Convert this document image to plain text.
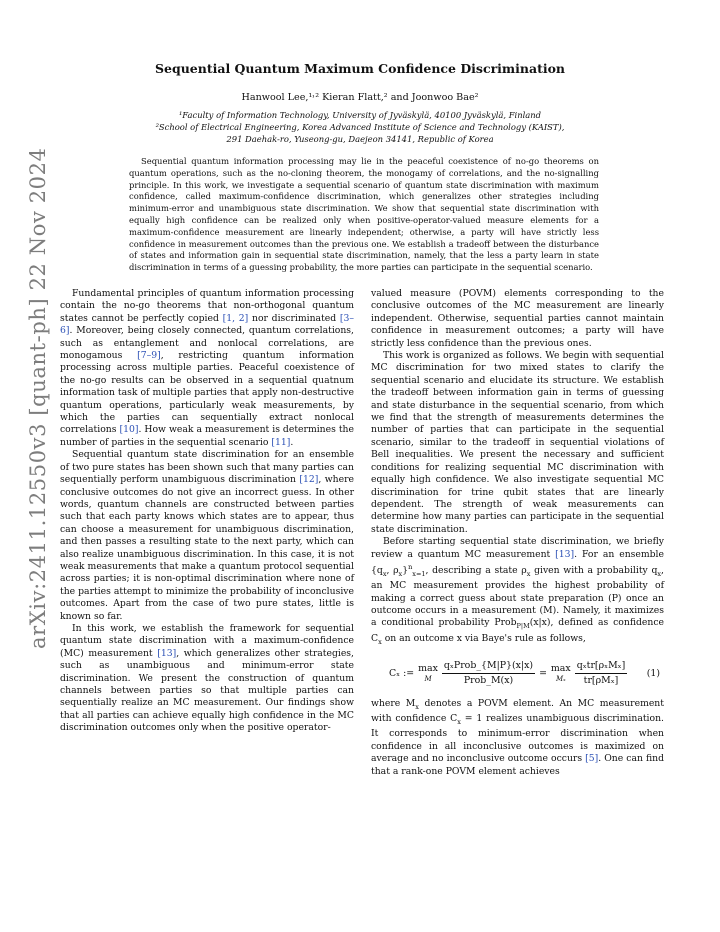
arXiv:2411.12550v3 [quant-ph] 22 Nov 2024
Sequential Quantum Maximum Confidence Discrimination
Hanwool Lee,¹˒² Kieran Flatt,² and Joonwoo Bae²
¹Faculty of Information Technology, University of Jyväskylä, 40100 Jyväskylä, Finland
²School of Electrical Engineering, Korea Advanced Institute of Science and Technology (KAIST),
291 Daehak-ro, Yuseong-gu, Daejeon 34141, Republic of Korea
Sequential quantum information processing may lie in the peaceful coexistence of no-go theorems on quantum operations, such as the no-cloning theorem, the monogamy of correlations, and the no-signalling principle. In this work, we investigate a sequential scenario of quantum state discrimination with maximum confidence, called maximum-confidence discrimination, which generalizes other strategies including minimum-error and unambiguous state discrimination. We show that sequential state discrimination with equally high confidence can be realized only when positive-operator-valued measure elements for a maximum-confidence measurement are linearly independent; otherwise, a party will have strictly less confidence in measurement outcomes than the previous one. We establish a tradeoff between the disturbance of states and information gain in sequential state discrimination, namely, that the less a party learn in state discrimination in terms of a guessing probability, the more parties can participate in the sequential scenario.

Fundamental principles of quantum information processing contain the no-go theorems that non-orthogonal quantum states cannot be perfectly copied [1, 2] nor discriminated [3–6]. Moreover, being closely connected, quantum correlations, such as entanglement and nonlocal correlations, are monogamous [7–9], restricting quantum information processing across multiple parties. Peaceful coexistence of the no-go results can be observed in a sequential quatnum information task of multiple parties that apply non-destructive quantum operations, particularly weak measurements, by which the parties can sequentially extract nonlocal correlations [10]. How weak a measurement is determines the number of parties in the sequential scenario [11].

Sequential quantum state discrimination for an ensemble of two pure states has been shown such that many parties can sequentially perform unambiguous discrimination [12], where conclusive outcomes do not give an incorrect guess. In other words, quantum channels are constructed between parties such that each party knows which states are to appear, thus can choose a measurement for unambiguous discrimination, and then passes a resulting state to the next party, which can also realize unambiguous discrimination. In this case, it is not weak measurements that make a quantum protocol sequential across parties; it is non-optimal discrimination where none of the parties attempt to minimize the probability of inconclusive outcomes. Apart from the case of two pure states, little is known so far.

In this work, we establish the framework for sequential quantum state discrimination with a maximum-confidence (MC) measurement [13], which generalizes other strategies, such as unambiguous and minimum-error state discrimination. We present the construction of quantum channels between parties so that multiple parties can sequentially realize an MC measurement. Our findings show that all parties can achieve equally high confidence in the MC discrimination outcomes only when the positive operator-

valued measure (POVM) elements corresponding to the conclusive outcomes of the MC measurement are linearly independent. Otherwise, sequential parties cannot maintain confidence in measurement outcomes; a party will have strictly less confidence than the previous ones.

This work is organized as follows. We begin with sequential MC discrimination for two mixed states to clarify the sequential scenario and elucidate its structure. We establish the tradeoff between information gain in terms of guessing and state disturbance in the sequential scenario, from which we find that the strength of measurements determines the number of parties that can participate in the sequential scenario, similar to the tradeoff in sequential violations of Bell inequalities. We present the necessary and sufficient conditions for realizing sequential MC discrimination with equally high confidence. We also investigate sequential MC discrimination for trine qubit states that are linearly dependent. The strength of weak measurements can determine how many parties can participate in the sequential state discrimination.

Before starting sequential state discrimination, we briefly review a quantum MC measurement [13]. For an ensemble {$q_x$, $\rho_x\}^n_{x=1}$, describing a state $\rho_x$ given with a probability $q_x$, an MC measurement provides the highest probability of making a correct guess about state preparation (P) once an outcome occurs in a measurement (M). Namely, it maximizes a conditional probability Prob$_{P|M}$(x|x), defined as confidence $C_x$ on an outcome x via Baye's rule as follows,

Cₓ := max
M $\frac{\text{qₓProb\_\{M|P\}(x|x)}}{\text{Prob\_M(x)}} = \max$
Mₓ $\frac{\text{qₓtr[ρₓMₓ]}}{\text{tr[ρMₓ]}} (1)$

where $M_x$ denotes a POVM element. An MC measurement with confidence $C_x = 1$ realizes unambiguous discrimination. It corresponds to minimum-error discrimination when confidence in all inconclusive outcomes is maximized on average and no inconclusive outcome occurs [5]. One can find that a rank-one POVM element achieves
